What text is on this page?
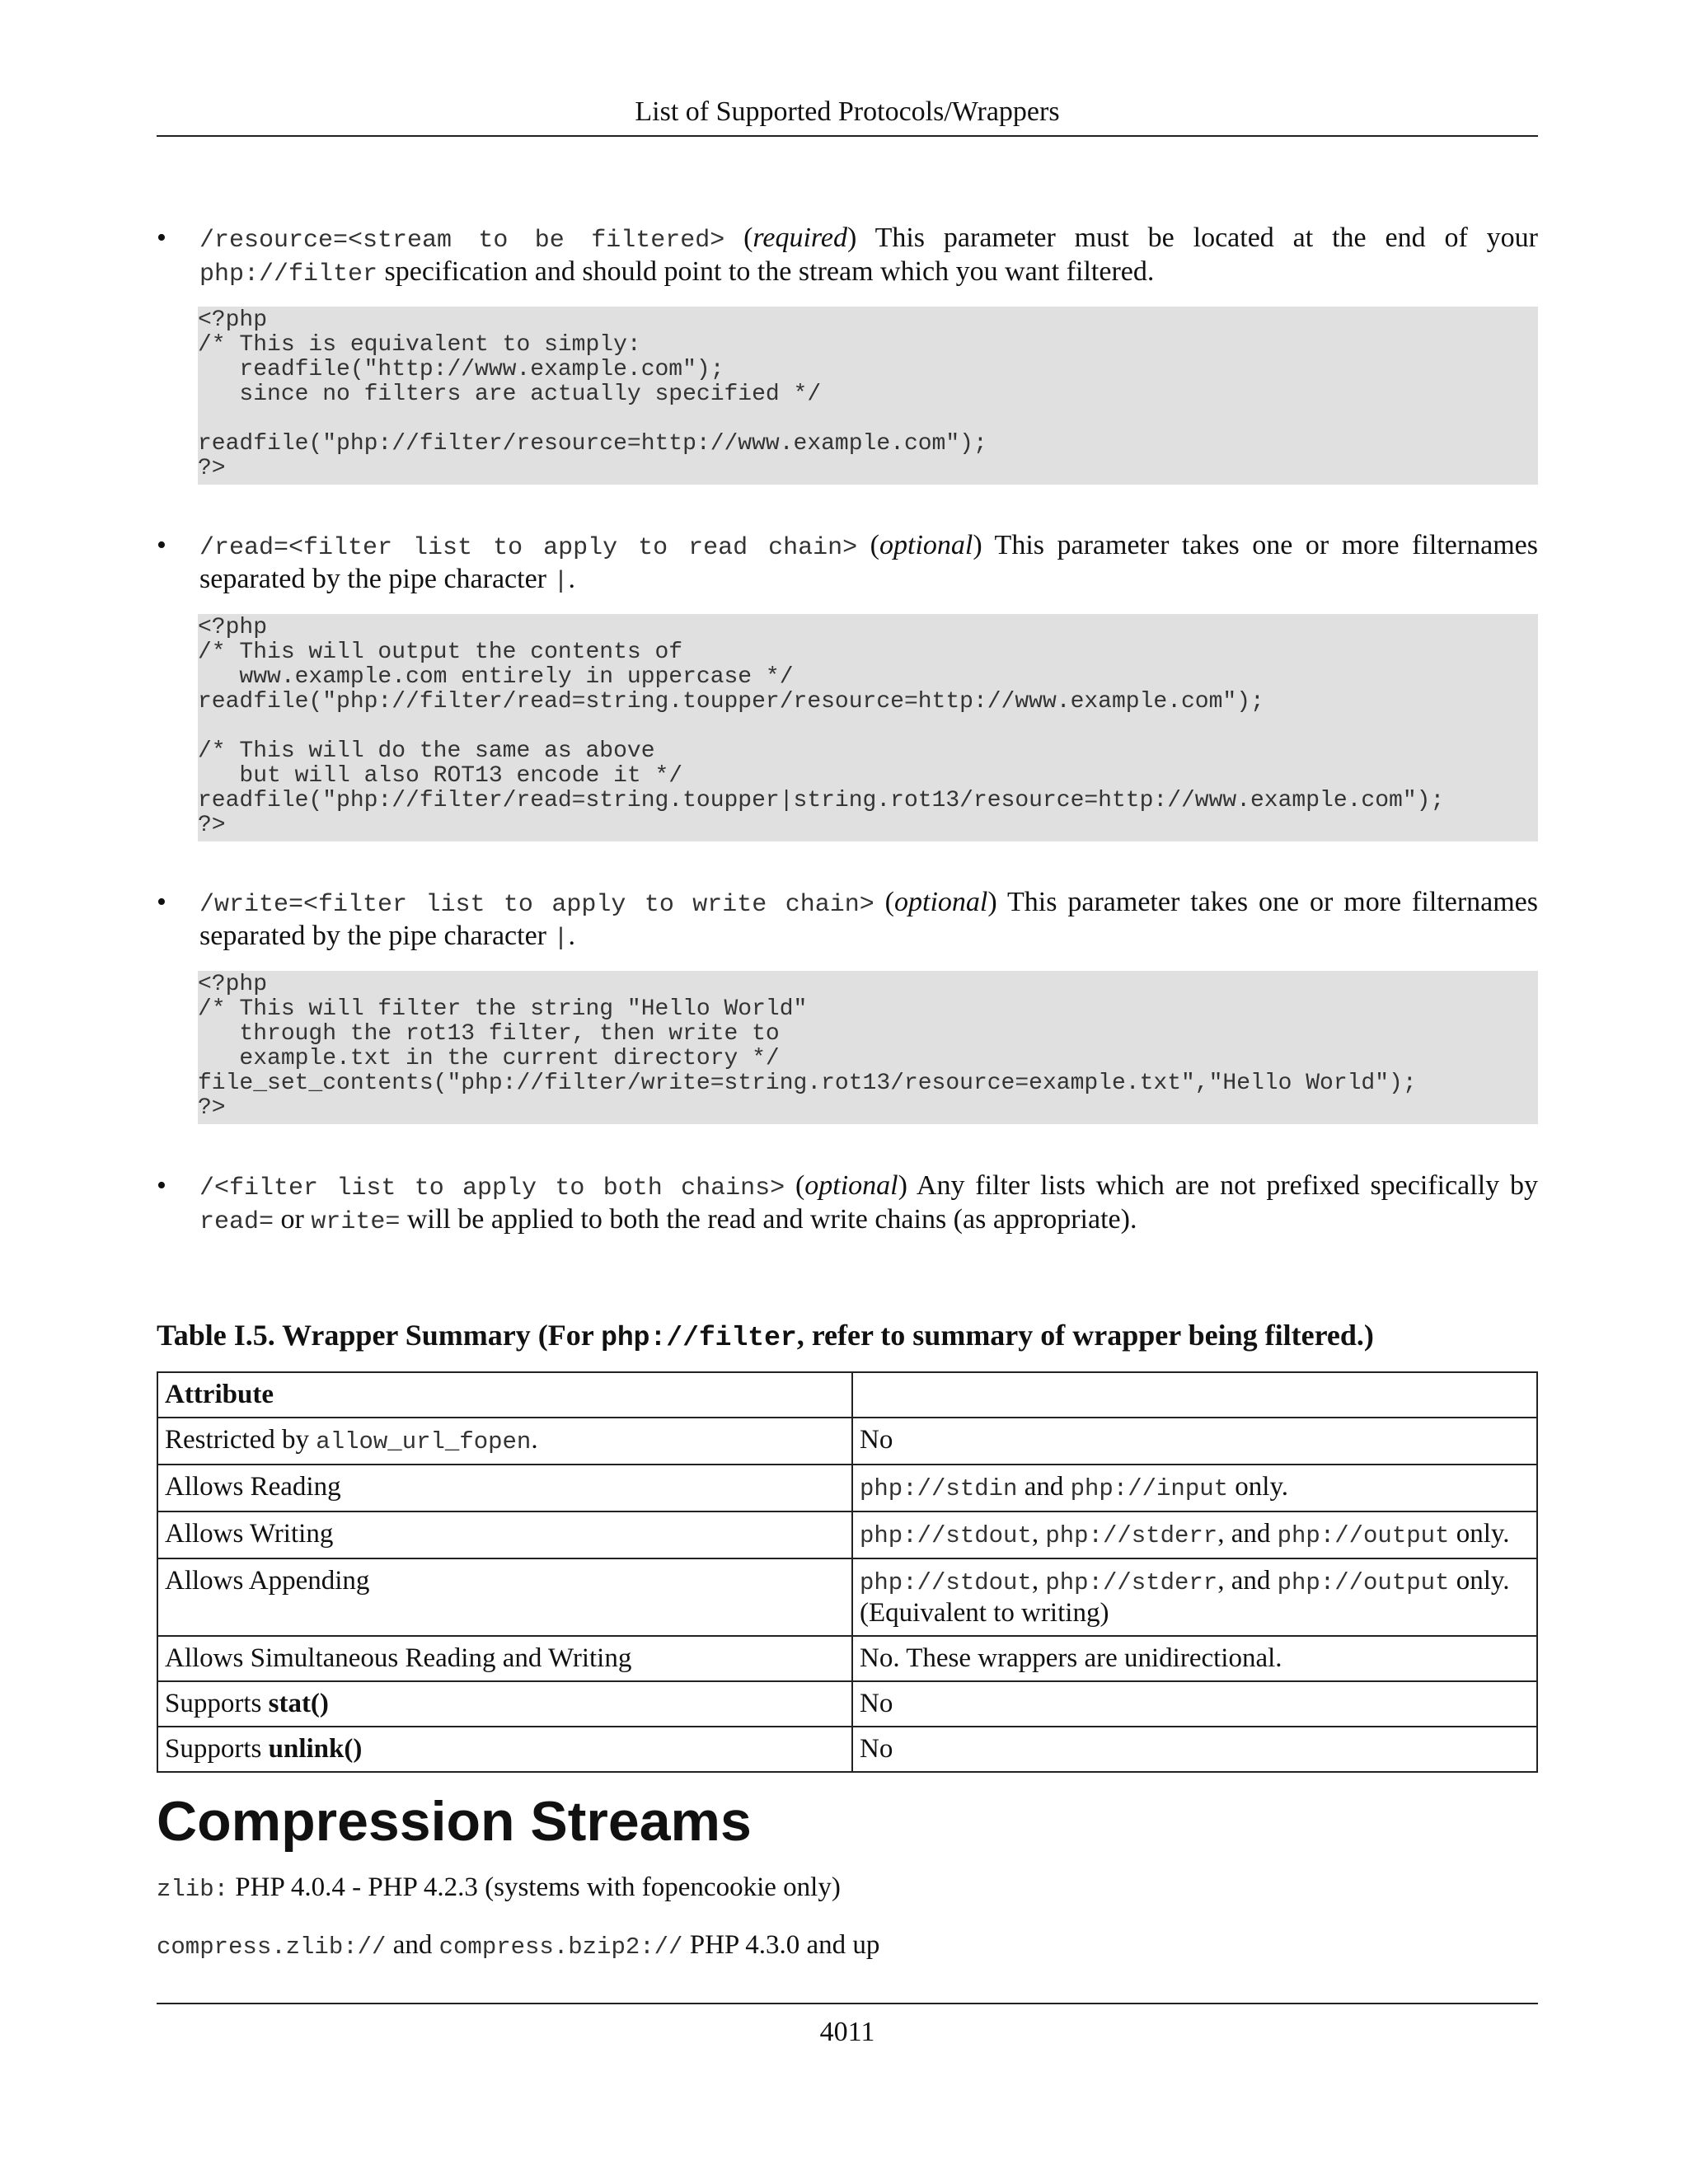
List of Supported Protocols/Wrappers
• /resource=<stream to be filtered> (required) This parameter must be located at the end of your php://filter specification and should point to the stream which you want filtered.
<?php
/* This is equivalent to simply:
readfile("http://www.example.com");
since no filters are actually specified */

readfile("php://filter/resource=http://www.example.com");
?>
• /read=<filter list to apply to read chain> (optional) This parameter takes one or more filternames separated by the pipe character |.
<?php
/* This will output the contents of
www.example.com entirely in uppercase */
readfile("php://filter/read=string.toupper/resource=http://www.example.com");

/* This will do the same as above
but will also ROT13 encode it */
readfile("php://filter/read=string.toupper|string.rot13/resource=http://www.example.com");
?>
• /write=<filter list to apply to write chain> (optional) This parameter takes one or more filternames separated by the pipe character |.
<?php
/* This will filter the string "Hello World"
through the rot13 filter, then write to
example.txt in the current directory */
file_set_contents("php://filter/write=string.rot13/resource=example.txt","Hello World");
?>
• /<filter list to apply to both chains> (optional) Any filter lists which are not prefixed specifically by read= or write= will be applied to both the read and write chains (as appropriate).
Table I.5. Wrapper Summary (For php://filter, refer to summary of wrapper being filtered.)
Attribute	
Restricted by allow_url_fopen.	No
Allows Reading	php://stdin and php://input only.
Allows Writing	php://stdout, php://stderr, and php://output only.
Allows Appending	php://stdout, php://stderr, and php://output only.
(Equivalent to writing)
Allows Simultaneous Reading and Writing	No. These wrappers are unidirectional.
Supports stat()	No
Supports unlink()	No
Compression Streams
zlib: PHP 4.0.4 - PHP 4.2.3 (systems with fopencookie only)
compress.zlib:// and compress.bzip2:// PHP 4.3.0 and up
4011
